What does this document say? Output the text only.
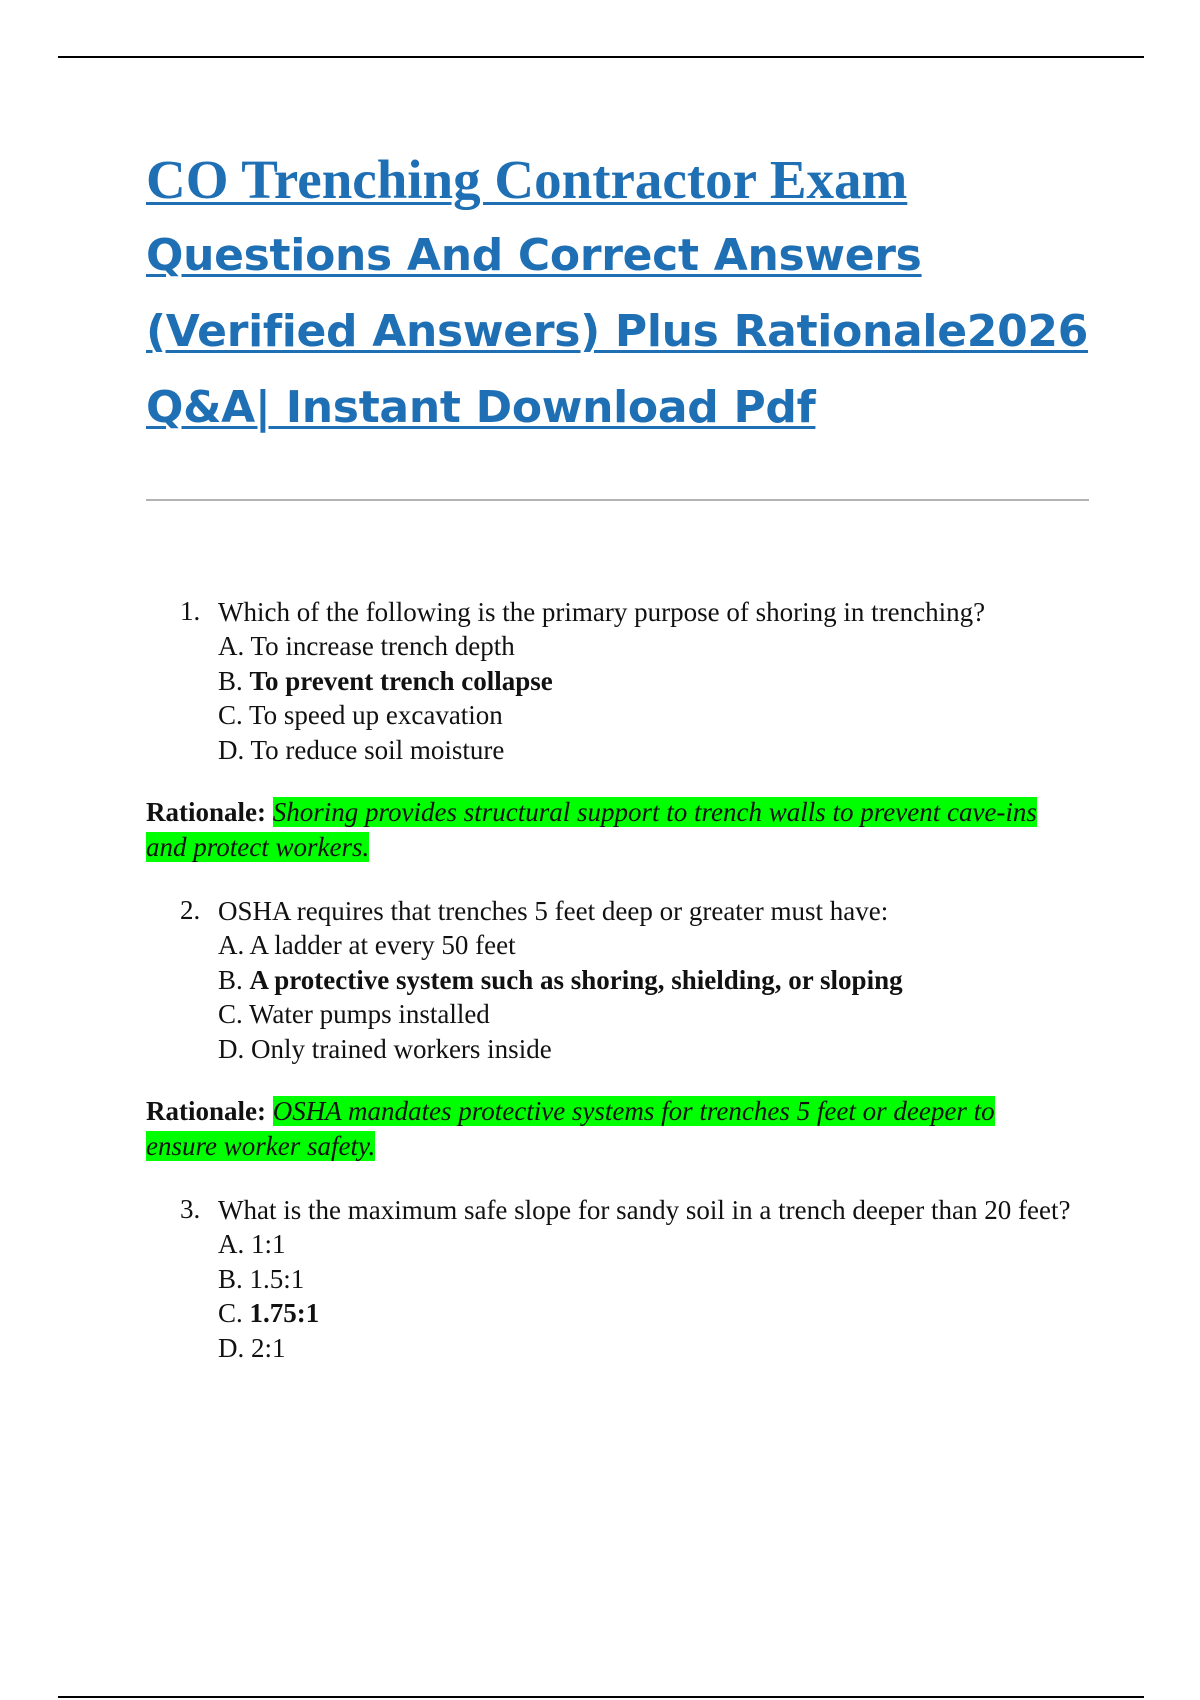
CO Trenching Contractor Exam
Questions And Correct Answers
(Verified Answers) Plus Rationale2026
Q&A| Instant Download Pdf
1. Which of the following is the primary purpose of shoring in trenching?
A. To increase trench depth
B. To prevent trench collapse
C. To speed up excavation
D. To reduce soil moisture
Rationale: Shoring provides structural support to trench walls to prevent cave-ins and protect workers.
2. OSHA requires that trenches 5 feet deep or greater must have:
A. A ladder at every 50 feet
B. A protective system such as shoring, shielding, or sloping
C. Water pumps installed
D. Only trained workers inside
Rationale: OSHA mandates protective systems for trenches 5 feet or deeper to ensure worker safety.
3. What is the maximum safe slope for sandy soil in a trench deeper than 20 feet?
A. 1:1
B. 1.5:1
C. 1.75:1
D. 2:1
